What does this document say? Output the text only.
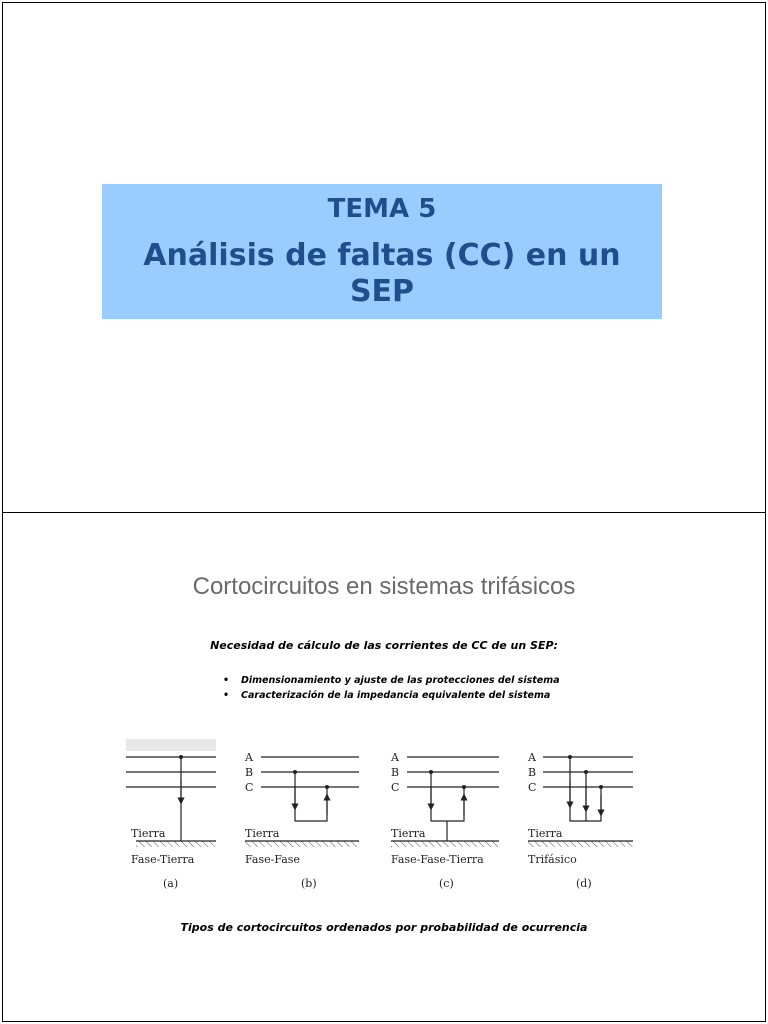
TEMA 5
Análisis de faltas (CC) en un
SEP
Cortocircuitos en sistemas trifásicos
Necesidad de cálculo de las corrientes de CC de un SEP:
• Dimensionamiento y ajuste de las protecciones del sistema
• Caracterización de la impedancia equivalente del sistema
Tierra
Fase-Tierra
(a)
A
B
C
Tierra
Fase-Fase
(b)
A
B
C
Tierra
Fase-Fase-Tierra
(c)
A
B
C
Tierra
Trifásico
(d)
Tipos de cortocircuitos ordenados por probabilidad de ocurrencia
